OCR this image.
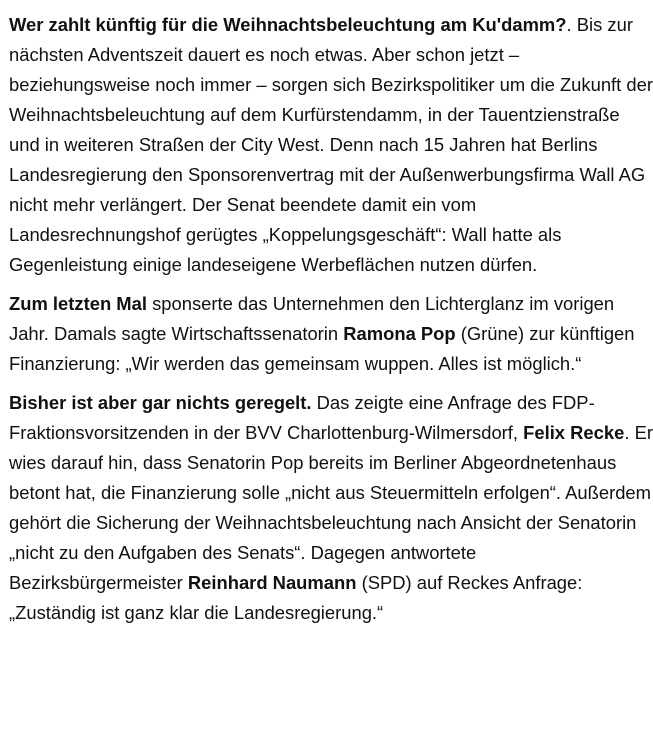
Wer zahlt künftig für die Weihnachtsbeleuchtung am Ku'damm?. Bis zur nächsten Adventszeit dauert es noch etwas. Aber schon jetzt – beziehungsweise noch immer – sorgen sich Bezirkspolitiker um die Zukunft der Weihnachtsbeleuchtung auf dem Kurfürstendamm, in der Tauentzienstraße und in weiteren Straßen der City West. Denn nach 15 Jahren hat Berlins Landesregierung den Sponsorenvertrag mit der Außenwerbungsfirma Wall AG nicht mehr verlängert. Der Senat beendete damit ein vom Landesrechnungshof gerügtes „Koppelungsgeschäft“: Wall hatte als Gegenleistung einige landeseigene Werbeflächen nutzen dürfen.

Zum letzten Mal sponserte das Unternehmen den Lichterglanz im vorigen Jahr. Damals sagte Wirtschaftssenatorin Ramona Pop (Grüne) zur künftigen Finanzierung: „Wir werden das gemeinsam wuppen. Alles ist möglich.“

Bisher ist aber gar nichts geregelt. Das zeigte eine Anfrage des FDP-Fraktionsvorsitzenden in der BVV Charlottenburg-Wilmersdorf, Felix Recke. Er wies darauf hin, dass Senatorin Pop bereits im Berliner Abgeordnetenhaus betont hat, die Finanzierung solle „nicht aus Steuermitteln erfolgen“. Außerdem gehört die Sicherung der Weihnachtsbeleuchtung nach Ansicht der Senatorin „nicht zu den Aufgaben des Senats“. Dagegen antwortete Bezirksbürgermeister Reinhard Naumann (SPD) auf Reckes Anfrage: „Zuständig ist ganz klar die Landesregierung.“
